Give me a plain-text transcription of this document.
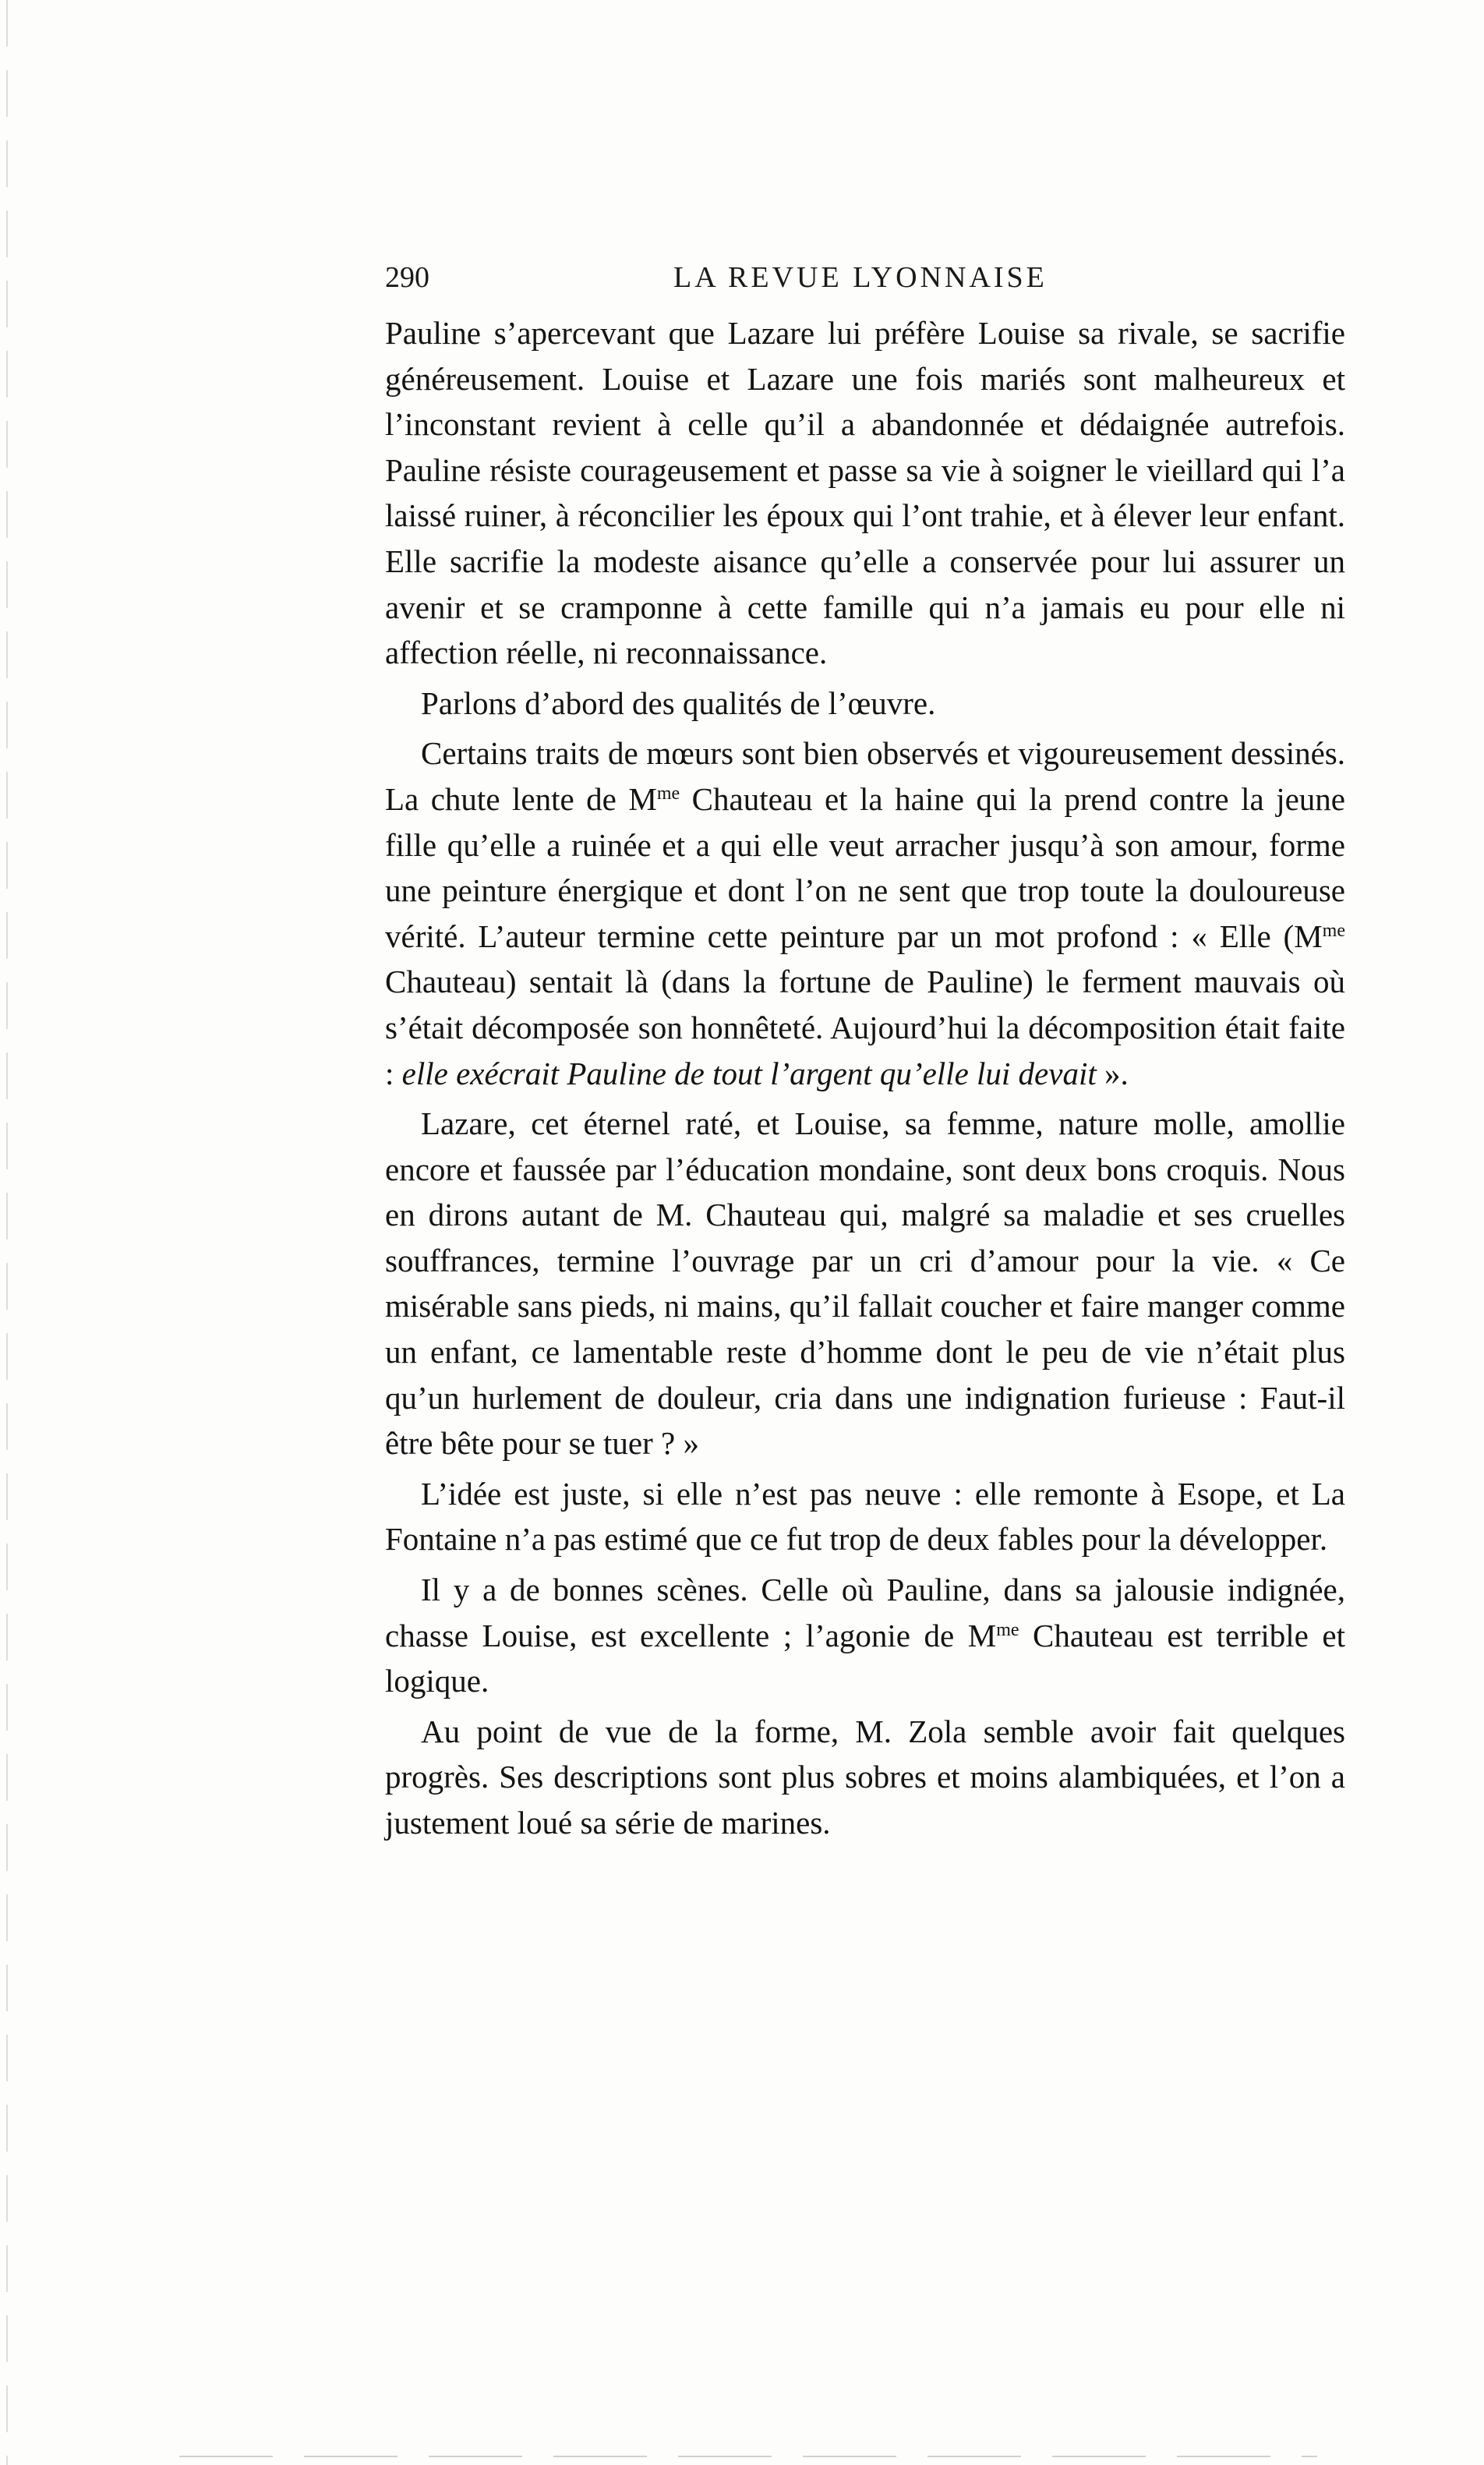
290	LA REVUE LYONNAISE

Pauline s’apercevant que Lazare lui préfère Louise sa rivale, se sacrifie généreusement. Louise et Lazare une fois mariés sont malheureux et l’inconstant revient à celle qu’il a abandonnée et dédaignée autrefois. Pauline résiste courageusement et passe sa vie à soigner le vieillard qui l’a laissé ruiner, à réconcilier les époux qui l’ont trahie, et à élever leur enfant. Elle sacrifie la modeste aisance qu’elle a conservée pour lui assurer un avenir et se cramponne à cette famille qui n’a jamais eu pour elle ni affection réelle, ni reconnaissance.

Parlons d’abord des qualités de l’œuvre.

Certains traits de mœurs sont bien observés et vigoureusement dessinés. La chute lente de $M^{me}$ Chauteau et la haine qui la prend contre la jeune fille qu’elle a ruinée et a qui elle veut arracher jusqu’à son amour, forme une peinture énergique et dont l’on ne sent que trop toute la douloureuse vérité. L’auteur termine cette peinture par un mot profond : « Elle ($M^{me}$ Chauteau) sentait là (dans la fortune de Pauline) le ferment mauvais où s’était décomposée son honnêteté. Aujourd’hui la décomposition était faite : elle exécrait Pauline de tout l’argent qu’elle lui devait ».

Lazare, cet éternel raté, et Louise, sa femme, nature molle, amollie encore et faussée par l’éducation mondaine, sont deux bons croquis. Nous en dirons autant de M. Chauteau qui, malgré sa maladie et ses cruelles souffrances, termine l’ouvrage par un cri d’amour pour la vie. « Ce misérable sans pieds, ni mains, qu’il fallait coucher et faire manger comme un enfant, ce lamentable reste d’homme dont le peu de vie n’était plus qu’un hurlement de douleur, cria dans une indignation furieuse : Faut-il être bête pour se tuer ? »

L’idée est juste, si elle n’est pas neuve : elle remonte à Esope, et La Fontaine n’a pas estimé que ce fut trop de deux fables pour la développer.

Il y a de bonnes scènes. Celle où Pauline, dans sa jalousie indignée, chasse Louise, est excellente ; l’agonie de $M^{me}$ Chauteau est terrible et logique.

Au point de vue de la forme, M. Zola semble avoir fait quelques progrès. Ses descriptions sont plus sobres et moins alambiquées, et l’on a justement loué sa série de marines.
